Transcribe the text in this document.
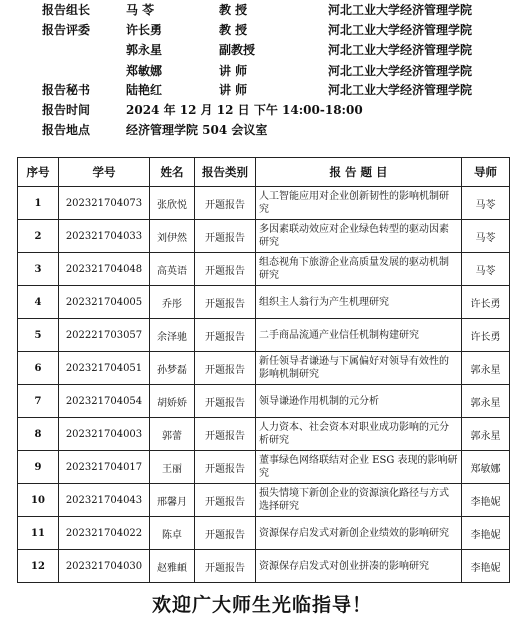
报告组长	马 苓	教 授	河北工业大学经济管理学院
报告评委	许长勇	教 授	河北工业大学经济管理学院
郭永星	副教授	河北工业大学经济管理学院
郑敏娜	讲 师	河北工业大学经济管理学院
报告秘书	陆艳红	讲 师	河北工业大学经济管理学院
报告时间	2024 年 12 月 12 日 下午 14:00-18:00
报告地点	经济管理学院 504 会议室
序号	学号	姓名	报告类别	报 告 题 目	导师
1	202321704073	张欣悦	开题报告	人工智能应用对企业创新韧性的影响机制研究	马苓
2	202321704033	刘伊然	开题报告	多因素联动效应对企业绿色转型的驱动因素研究	马苓
3	202321704048	高英语	开题报告	组态视角下旅游企业高质量发展的驱动机制研究	马苓
4	202321704005	乔彤	开题报告	组织主人翁行为产生机理研究	许长勇
5	202221703057	余泽驰	开题报告	二手商品流通产业信任机制构建研究	许长勇
6	202321704051	孙梦磊	开题报告	新任领导者谦逊与下属偏好对领导有效性的影响机制研究	郭永星
7	202321704054	胡娇娇	开题报告	领导谦逊作用机制的元分析	郭永星
8	202321704003	郭蕾	开题报告	人力资本、社会资本对职业成功影响的元分析研究	郭永星
9	202321704017	王丽	开题报告	董事绿色网络联结对企业 ESG 表现的影响研究	郑敏娜
10	202321704043	邢馨月	开题报告	损失情境下新创企业的资源演化路径与方式选择研究	李艳妮
11	202321704022	陈卓	开题报告	资源保存启发式对新创企业绩效的影响研究	李艳妮
12	202321704030	赵雅頔	开题报告	资源保存启发式对创业拼凑的影响研究	李艳妮
欢迎广大师生光临指导！
